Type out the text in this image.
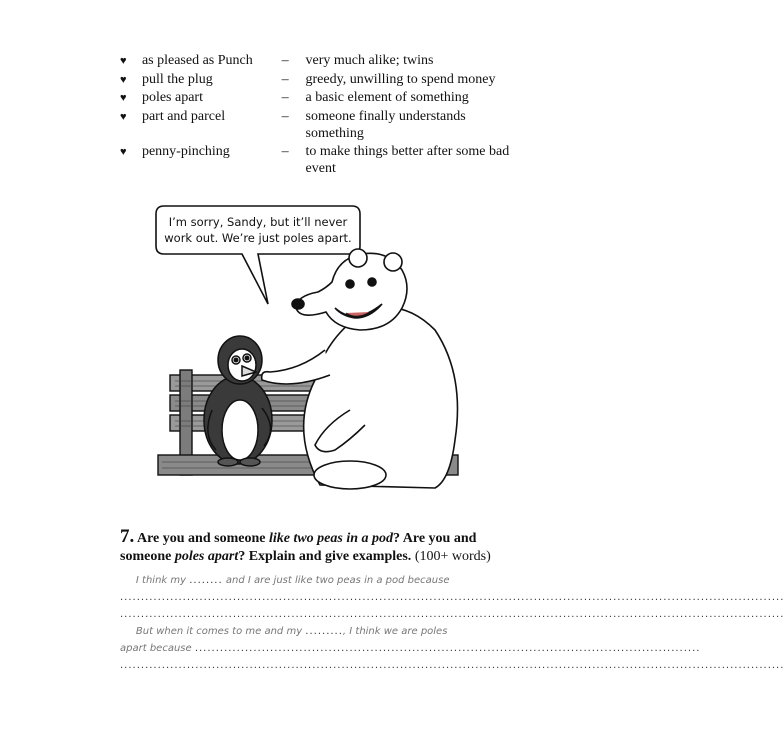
♥	as pleased as Punch	–	very much alike; twins
♥	pull the plug	–	greedy, unwilling to spend money
♥	poles apart	–	a basic element of something
♥	part and parcel	–	someone finally understands something
♥	penny-pinching	–	to make things better after some bad event
I’m sorry, Sandy, but it’ll never
work out. We’re just poles apart.
7. Are you and someone like two peas in a pod? Are you and someone poles apart? Explain and give examples. (100+ words)
I think my ........ and I are just like two peas in a pod because
...............................................................................................................................................................
...............................................................................................................................................................
But when it comes to me and my ........., I think we are poles
apart because .........................................................................................................................
...............................................................................................................................................................
